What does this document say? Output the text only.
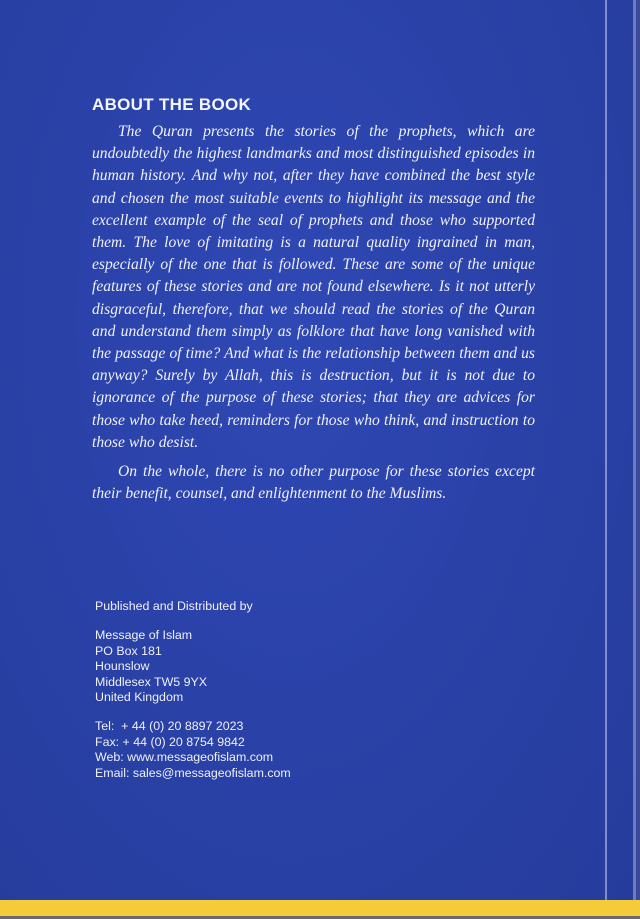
ABOUT THE BOOK

The Quran presents the stories of the prophets, which are undoubtedly the highest landmarks and most distinguished episodes in human history. And why not, after they have combined the best style and chosen the most suitable events to highlight its message and the excellent example of the seal of prophets and those who supported them. The love of imitating is a natural quality ingrained in man, especially of the one that is followed. These are some of the unique features of these stories and are not found elsewhere. Is it not utterly disgraceful, therefore, that we should read the stories of the Quran and understand them simply as folklore that have long vanished with the passage of time? And what is the relationship between them and us anyway? Surely by Allah, this is destruction, but it is not due to ignorance of the purpose of these stories; that they are advices for those who take heed, reminders for those who think, and instruction to those who desist.

On the whole, there is no other purpose for these stories except their benefit, counsel, and enlightenment to the Muslims.

Published and Distributed by
Message of Islam
PO Box 181
Hounslow
Middlesex TW5 9YX
United Kingdom
Tel:  + 44 (0) 20 8897 2023
Fax: + 44 (0) 20 8754 9842
Web: www.messageofislam.com
Email: sales@messageofislam.com
